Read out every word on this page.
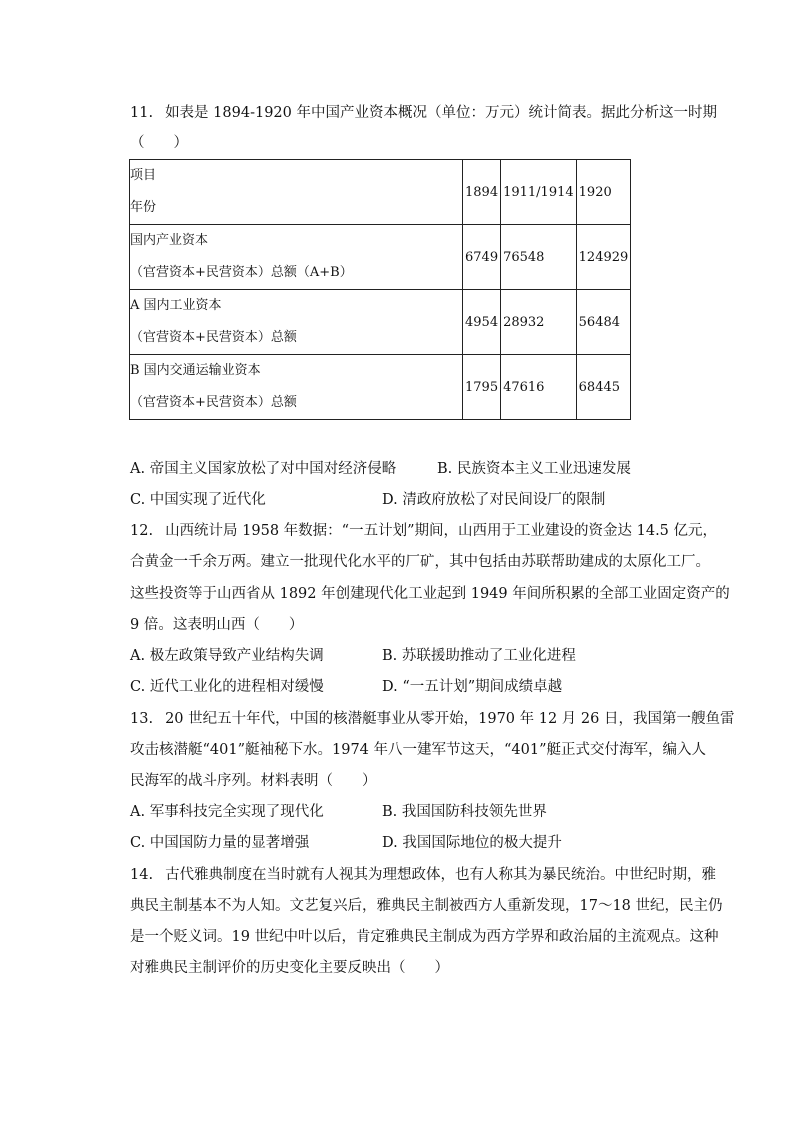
11. 如表是 1894-1920 年中国产业资本概况（单位：万元）统计简表。据此分析这一时期
（　　）
项目
年份	1894	1911/1914	1920

国内产业资本
（官营资本+民营资本）总额（A+B）	6749	76548	124929

A 国内工业资本
（官营资本+民营资本）总额	4954	28932	56484

B 国内交通运输业资本
（官营资本+民营资本）总额	1795	47616	68445
A. 帝国主义国家放松了对中国对经济侵略	B. 民族资本主义工业迅速发展
C. 中国实现了近代化	D. 清政府放松了对民间设厂的限制
12. 山西统计局 1958 年数据：“一五计划”期间，山西用于工业建设的资金达 14.5 亿元，
合黄金一千余万两。建立一批现代化水平的厂矿，其中包括由苏联帮助建成的太原化工厂。
这些投资等于山西省从 1892 年创建现代化工业起到 1949 年间所积累的全部工业固定资产的
9 倍。这表明山西（　　）
A. 极左政策导致产业结构失调	B. 苏联援助推动了工业化进程
C. 近代工业化的进程相对缓慢	D. “一五计划”期间成绩卓越
13. 20 世纪五十年代，中国的核潜艇事业从零开始，1970 年 12 月 26 日，我国第一艘鱼雷
攻击核潜艇“401”艇袖秘下水。1974 年八一建军节这天，“401”艇正式交付海军，编入人
民海军的战斗序列。材料表明（　　）
A. 军事科技完全实现了现代化	B. 我国国防科技领先世界
C. 中国国防力量的显著增强	D. 我国国际地位的极大提升
14. 古代雅典制度在当时就有人视其为理想政体，也有人称其为暴民统治。中世纪时期，雅
典民主制基本不为人知。文艺复兴后，雅典民主制被西方人重新发现，17～18 世纪，民主仍
是一个贬义词。19 世纪中叶以后，肯定雅典民主制成为西方学界和政治届的主流观点。这种
对雅典民主制评价的历史变化主要反映出（　　）
